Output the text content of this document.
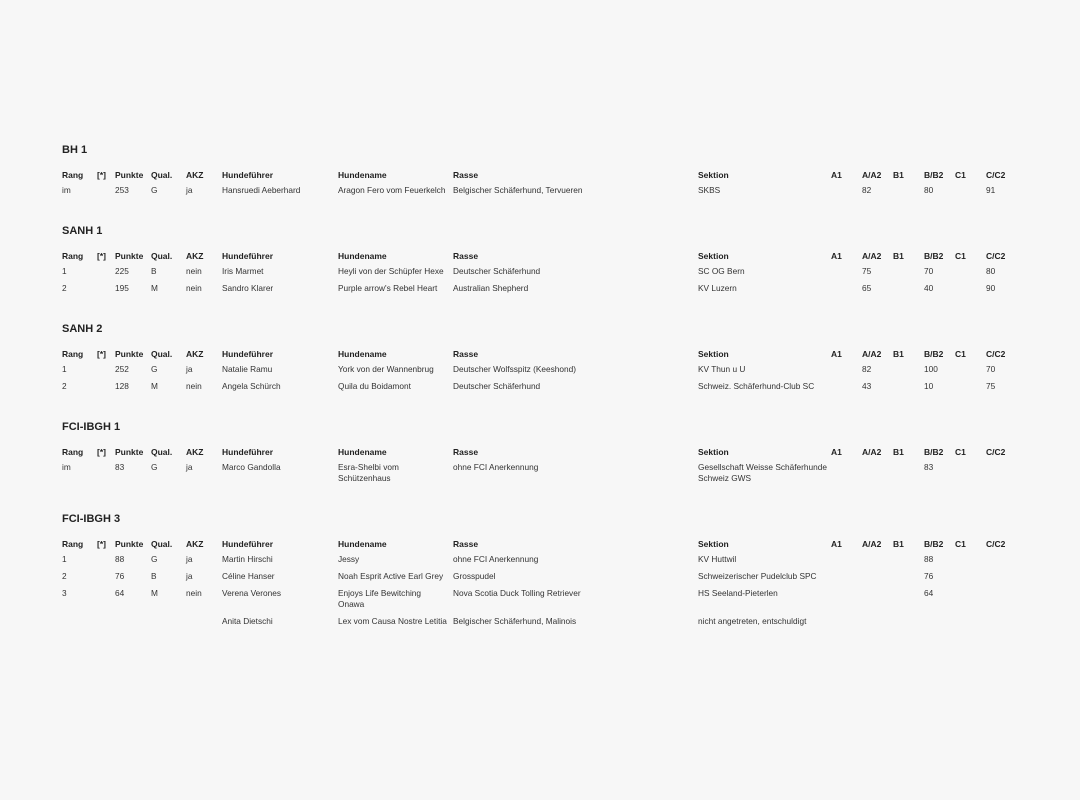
BH 1
Rang	[*]	Punkte	Qual.	AKZ	Hundeführer	Hundename	Rasse	Sektion	A1	A/A2	B1	B/B2	C1	C/C2
im		253	G	ja	Hansruedi Aeberhard	Aragon Fero vom Feuerkelch	Belgischer Schäferhund, Tervueren	SKBS		82		80		91
SANH 1
Rang	[*]	Punkte	Qual.	AKZ	Hundeführer	Hundename	Rasse	Sektion	A1	A/A2	B1	B/B2	C1	C/C2
1		225	B	nein	Iris Marmet	Heyli von der Schüpfer Hexe	Deutscher Schäferhund	SC OG Bern		75		70		80
2		195	M	nein	Sandro Klarer	Purple arrow's Rebel Heart	Australian Shepherd	KV Luzern		65		40		90
SANH 2
Rang	[*]	Punkte	Qual.	AKZ	Hundeführer	Hundename	Rasse	Sektion	A1	A/A2	B1	B/B2	C1	C/C2
1		252	G	ja	Natalie Ramu	York von der Wannenbrug	Deutscher Wolfsspitz (Keeshond)	KV Thun u U		82		100		70
2		128	M	nein	Angela Schürch	Quila du Boidamont	Deutscher Schäferhund	Schweiz. Schäferhund-Club SC		43		10		75
FCI-IBGH 1
Rang	[*]	Punkte	Qual.	AKZ	Hundeführer	Hundename	Rasse	Sektion	A1	A/A2	B1	B/B2	C1	C/C2
im		83	G	ja	Marco Gandolla	Esra-Shelbi vom Schützenhaus	ohne FCI Anerkennung	Gesellschaft Weisse Schäferhunde Schweiz GWS				83		
FCI-IBGH 3
Rang	[*]	Punkte	Qual.	AKZ	Hundeführer	Hundename	Rasse	Sektion	A1	A/A2	B1	B/B2	C1	C/C2
1		88	G	ja	Martin Hirschi	Jessy	ohne FCI Anerkennung	KV Huttwil				88		
2		76	B	ja	Céline Hanser	Noah Esprit Active Earl Grey	Grosspudel	Schweizerischer Pudelclub SPC				76		
3		64	M	nein	Verena Verones	Enjoys Life Bewitching Onawa	Nova Scotia Duck Tolling Retriever	HS Seeland-Pieterlen				64		
					Anita Dietschi	Lex vom Causa Nostre Letitia	Belgischer Schäferhund, Malinois	nicht angetreten, entschuldigt						
